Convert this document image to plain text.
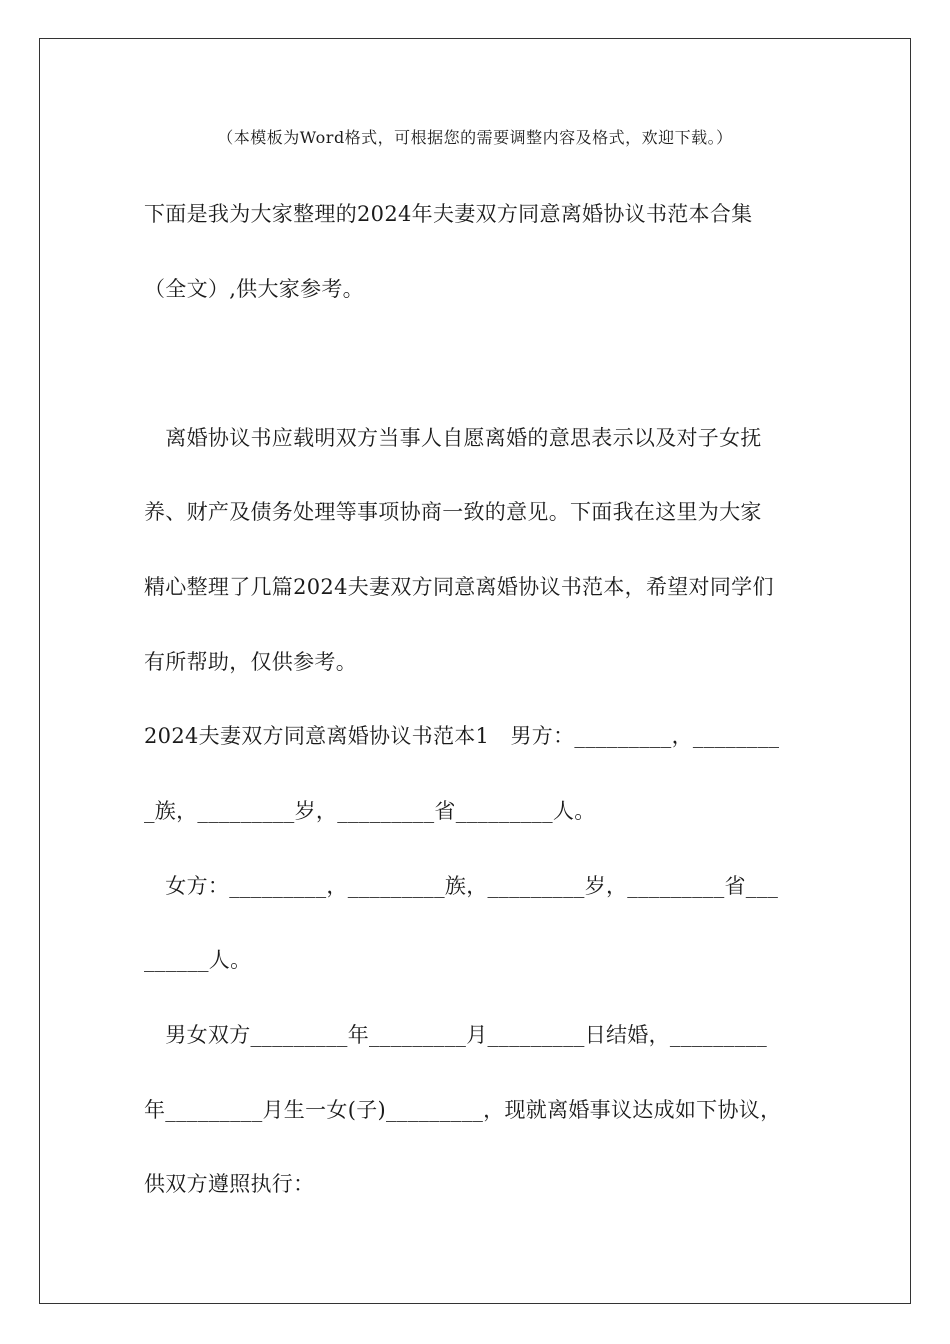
（本模板为Word格式，可根据您的需要调整内容及格式，欢迎下载。）
下面是我为大家整理的2024年夫妻双方同意离婚协议书范本合集
（全文）,供大家参考。
　离婚协议书应载明双方当事人自愿离婚的意思表示以及对子女抚
养、财产及债务处理等事项协商一致的意见。下面我在这里为大家
精心整理了几篇2024夫妻双方同意离婚协议书范本，希望对同学们
有所帮助，仅供参考。
2024夫妻双方同意离婚协议书范本1　男方：_________，________
_族，_________岁，_________省_________人。
　女方：_________，_________族，_________岁，_________省___
______人。
　男女双方_________年_________月_________日结婚，_________
年_________月生一女(子)_________，现就离婚事议达成如下协议，
供双方遵照执行：
